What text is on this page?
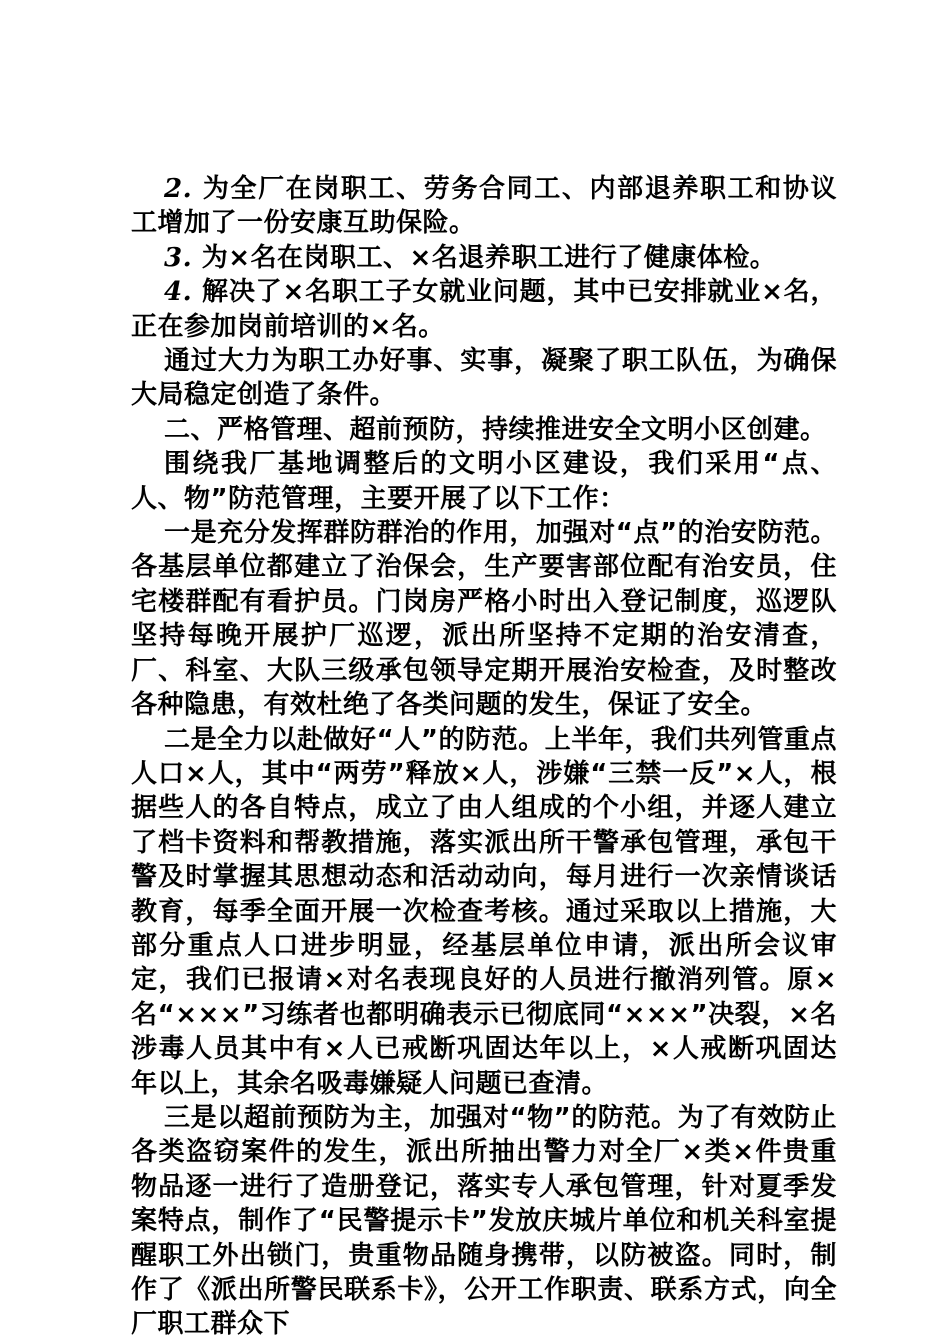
2. 为全厂在岗职工、劳务合同工、内部退养职工和协议工增加了一份安康互助保险。

3. 为×名在岗职工、×名退养职工进行了健康体检。

4. 解决了×名职工子女就业问题，其中已安排就业×名，正在参加岗前培训的×名。

通过大力为职工办好事、实事，凝聚了职工队伍，为确保大局稳定创造了条件。

二、严格管理、超前预防，持续推进安全文明小区创建。

围绕我厂基地调整后的文明小区建设，我们采用“点、人、物”防范管理，主要开展了以下工作：

一是充分发挥群防群治的作用，加强对“点”的治安防范。各基层单位都建立了治保会，生产要害部位配有治安员，住宅楼群配有看护员。门岗房严格小时出入登记制度，巡逻队坚持每晚开展护厂巡逻，派出所坚持不定期的治安清查，厂、科室、大队三级承包领导定期开展治安检查，及时整改各种隐患，有效杜绝了各类问题的发生，保证了安全。

二是全力以赴做好“人”的防范。上半年，我们共列管重点人口×人，其中“两劳”释放×人，涉嫌“三禁一反”×人，根据些人的各自特点，成立了由人组成的个小组，并逐人建立了档卡资料和帮教措施，落实派出所干警承包管理，承包干警及时掌握其思想动态和活动动向，每月进行一次亲情谈话教育，每季全面开展一次检查考核。通过采取以上措施，大部分重点人口进步明显，经基层单位申请，派出所会议审定，我们已报请×对名表现良好的人员进行撤消列管。原×名“×××”习练者也都明确表示已彻底同“×××”决裂，×名涉毒人员其中有×人已戒断巩固达年以上，×人戒断巩固达年以上，其余名吸毒嫌疑人问题已查清。

三是以超前预防为主，加强对“物”的防范。为了有效防止各类盗窃案件的发生，派出所抽出警力对全厂×类×件贵重物品逐一进行了造册登记，落实专人承包管理，针对夏季发案特点，制作了“民警提示卡”发放庆城片单位和机关科室提醒职工外出锁门，贵重物品随身携带，以防被盗。同时，制作了《派出所警民联系卡》，公开工作职责、联系方式，向全厂职工群众下
